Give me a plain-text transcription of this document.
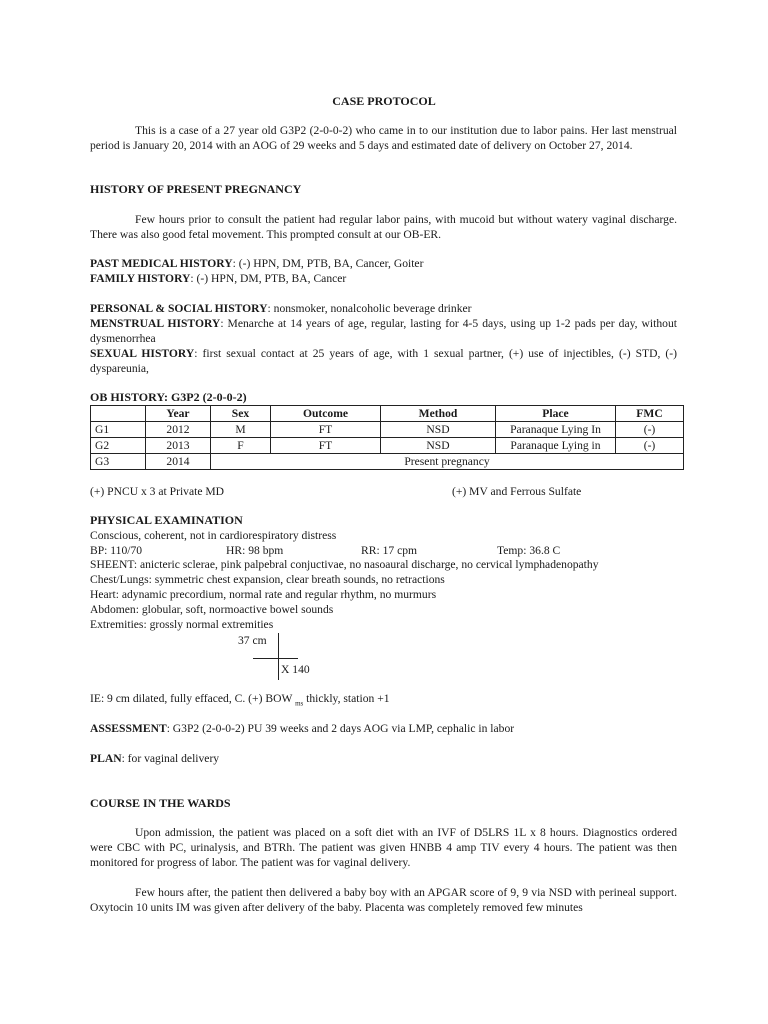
CASE PROTOCOL
This is a case of a 27 year old G3P2 (2-0-0-2) who came in to our institution due to labor pains. Her last menstrual period is January 20, 2014 with an AOG of 29 weeks and 5 days and estimated date of delivery on October 27, 2014.
HISTORY OF PRESENT PREGNANCY
Few hours prior to consult the patient had regular labor pains, with mucoid but without watery vaginal discharge. There was also good fetal movement. This prompted consult at our OB-ER.
PAST MEDICAL HISTORY: (-) HPN, DM, PTB, BA, Cancer, Goiter
FAMILY HISTORY: (-) HPN, DM, PTB, BA, Cancer
PERSONAL & SOCIAL HISTORY: nonsmoker, nonalcoholic beverage drinker
MENSTRUAL HISTORY: Menarche at 14 years of age, regular, lasting for 4-5 days, using up 1-2 pads per day, without dysmenorrhea
SEXUAL HISTORY: first sexual contact at 25 years of age, with 1 sexual partner, (+) use of injectibles, (-) STD, (-) dyspareunia,
OB HISTORY: G3P2 (2-0-0-2)
	Year	Sex	Outcome	Method	Place	FMC
G1	2012	M	FT	NSD	Paranaque Lying In	(-)
G2	2013	F	FT	NSD	Paranaque Lying in	(-)
G3	2014	Present pregnancy				
(+) PNCU x 3 at Private MD	(+) MV and Ferrous Sulfate
PHYSICAL EXAMINATION
Conscious, coherent, not in cardiorespiratory distress
BP: 110/70	HR: 98 bpm	RR: 17 cpm	Temp: 36.8 C
SHEENT: anicteric sclerae, pink palpebral conjuctivae, no nasoaural discharge, no cervical lymphadenopathy
Chest/Lungs: symmetric chest expansion, clear breath sounds, no retractions
Heart: adynamic precordium, normal rate and regular rhythm, no murmurs
Abdomen: globular, soft, normoactive bowel sounds
Extremities: grossly normal extremities
37 cm
X 140
IE: 9 cm dilated, fully effaced, C. (+) BOW $_{ms}$ thickly, station +1
ASSESSMENT: G3P2 (2-0-0-2) PU 39 weeks and 2 days AOG via LMP, cephalic in labor
PLAN: for vaginal delivery
COURSE IN THE WARDS
Upon admission, the patient was placed on a soft diet with an IVF of D5LRS 1L x 8 hours. Diagnostics ordered were CBC with PC, urinalysis, and BTRh. The patient was given HNBB 4 amp TIV every 4 hours. The patient was then monitored for progress of labor. The patient was for vaginal delivery.
Few hours after, the patient then delivered a baby boy with an APGAR score of 9, 9 via NSD with perineal support. Oxytocin 10 units IM was given after delivery of the baby. Placenta was completely removed few minutes
